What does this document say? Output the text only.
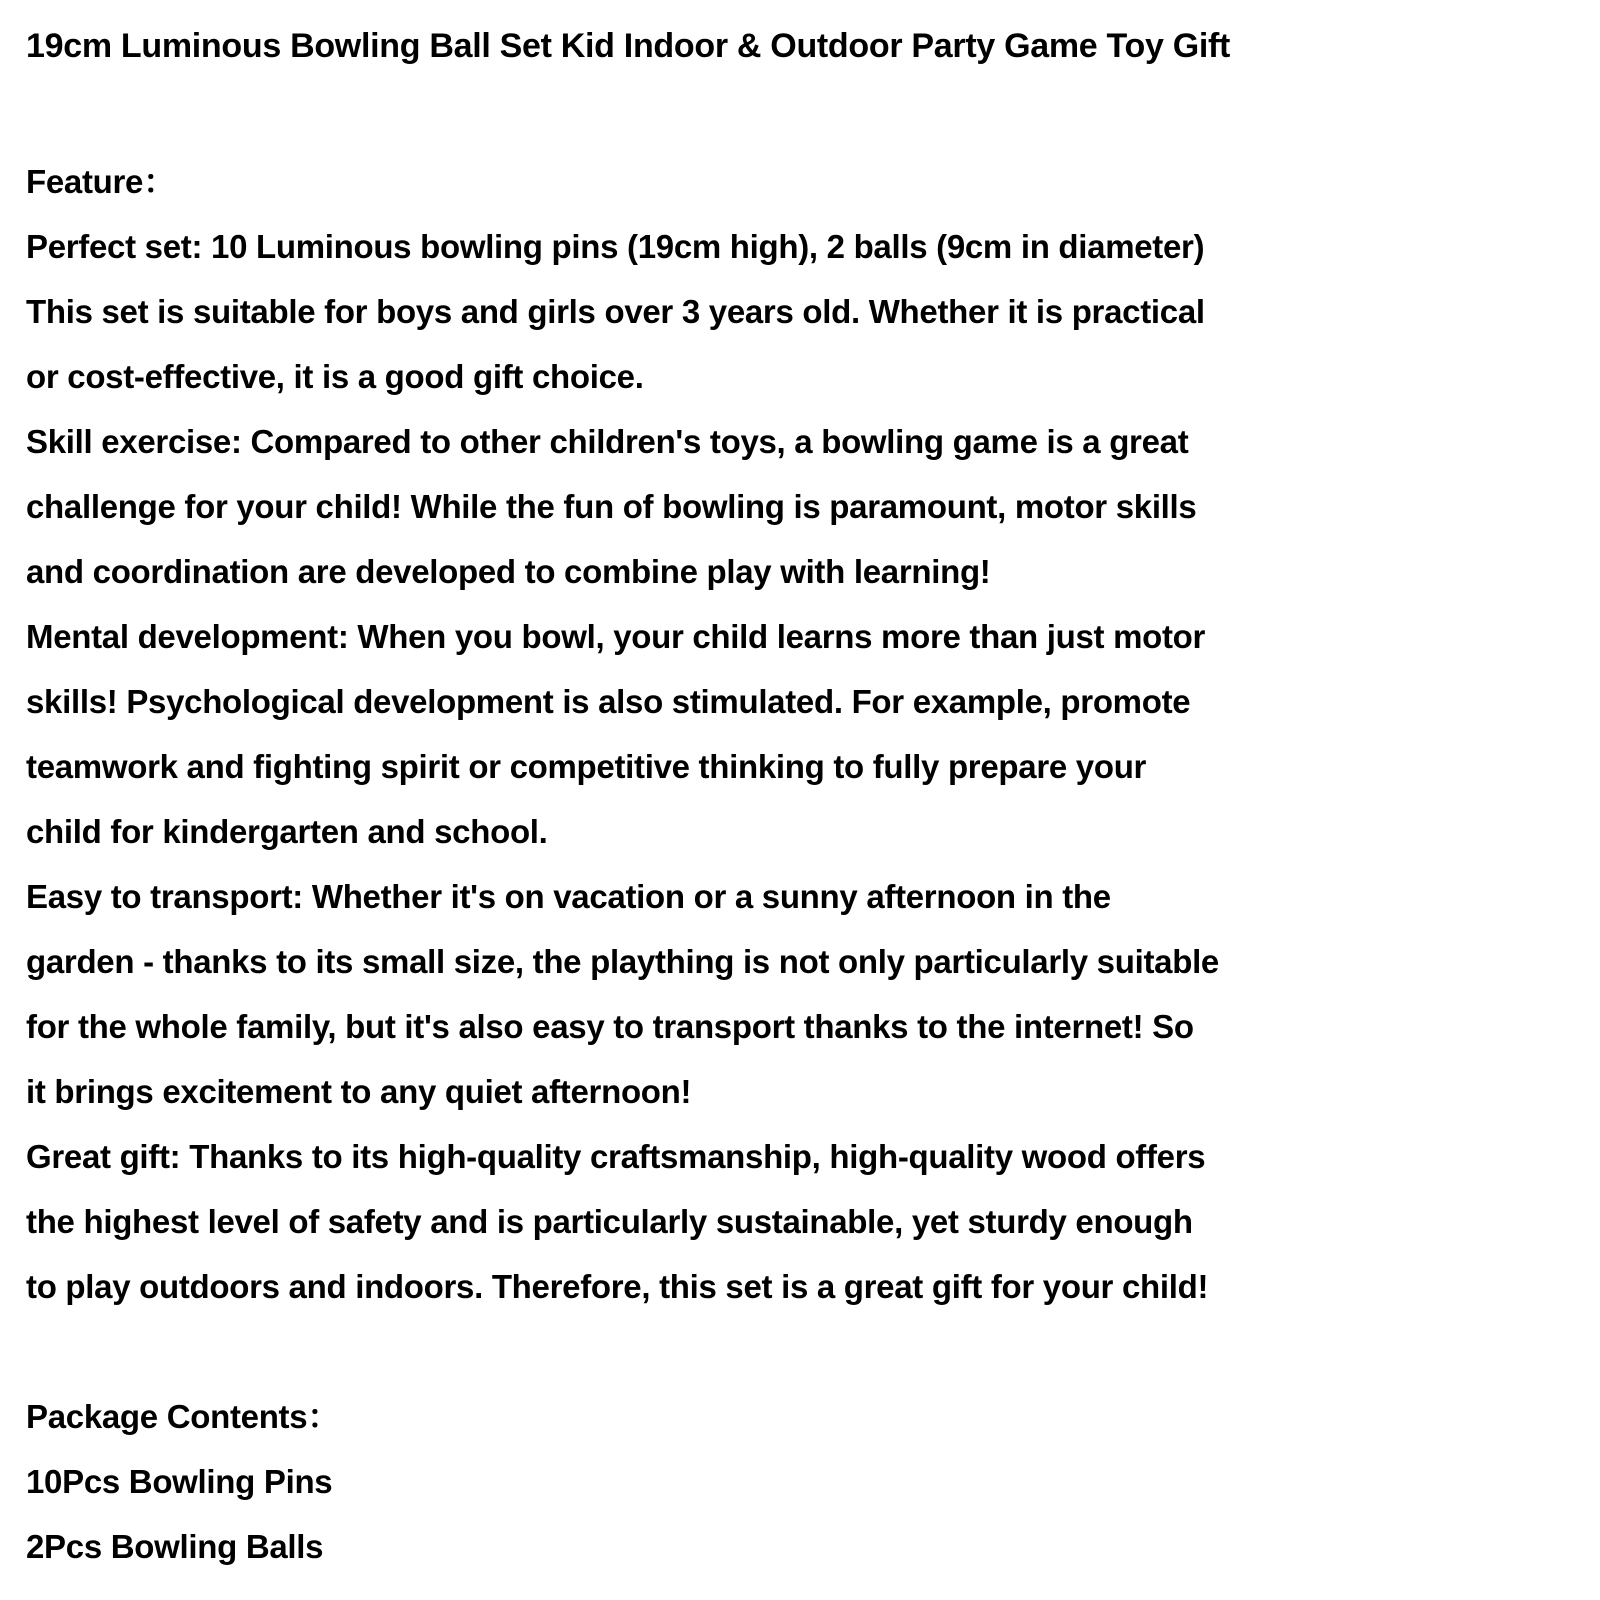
19cm Luminous Bowling Ball Set Kid Indoor & Outdoor Party Game Toy Gift

Feature：

Perfect set: 10 Luminous bowling pins (19cm high), 2 balls (9cm in diameter)

This set is suitable for boys and girls over 3 years old. Whether it is practical

or cost-effective, it is a good gift choice.

Skill exercise: Compared to other children's toys, a bowling game is a great

challenge for your child! While the fun of bowling is paramount, motor skills

and coordination are developed to combine play with learning!

Mental development: When you bowl, your child learns more than just motor

skills! Psychological development is also stimulated. For example, promote

teamwork and fighting spirit or competitive thinking to fully prepare your

child for kindergarten and school.

Easy to transport: Whether it's on vacation or a sunny afternoon in the

garden - thanks to its small size, the plaything is not only particularly suitable

for the whole family, but it's also easy to transport thanks to the internet! So

it brings excitement to any quiet afternoon!

Great gift: Thanks to its high-quality craftsmanship, high-quality wood offers

the highest level of safety and is particularly sustainable, yet sturdy enough

to play outdoors and indoors. Therefore, this set is a great gift for your child!

Package Contents：

10Pcs Bowling Pins

2Pcs Bowling Balls
